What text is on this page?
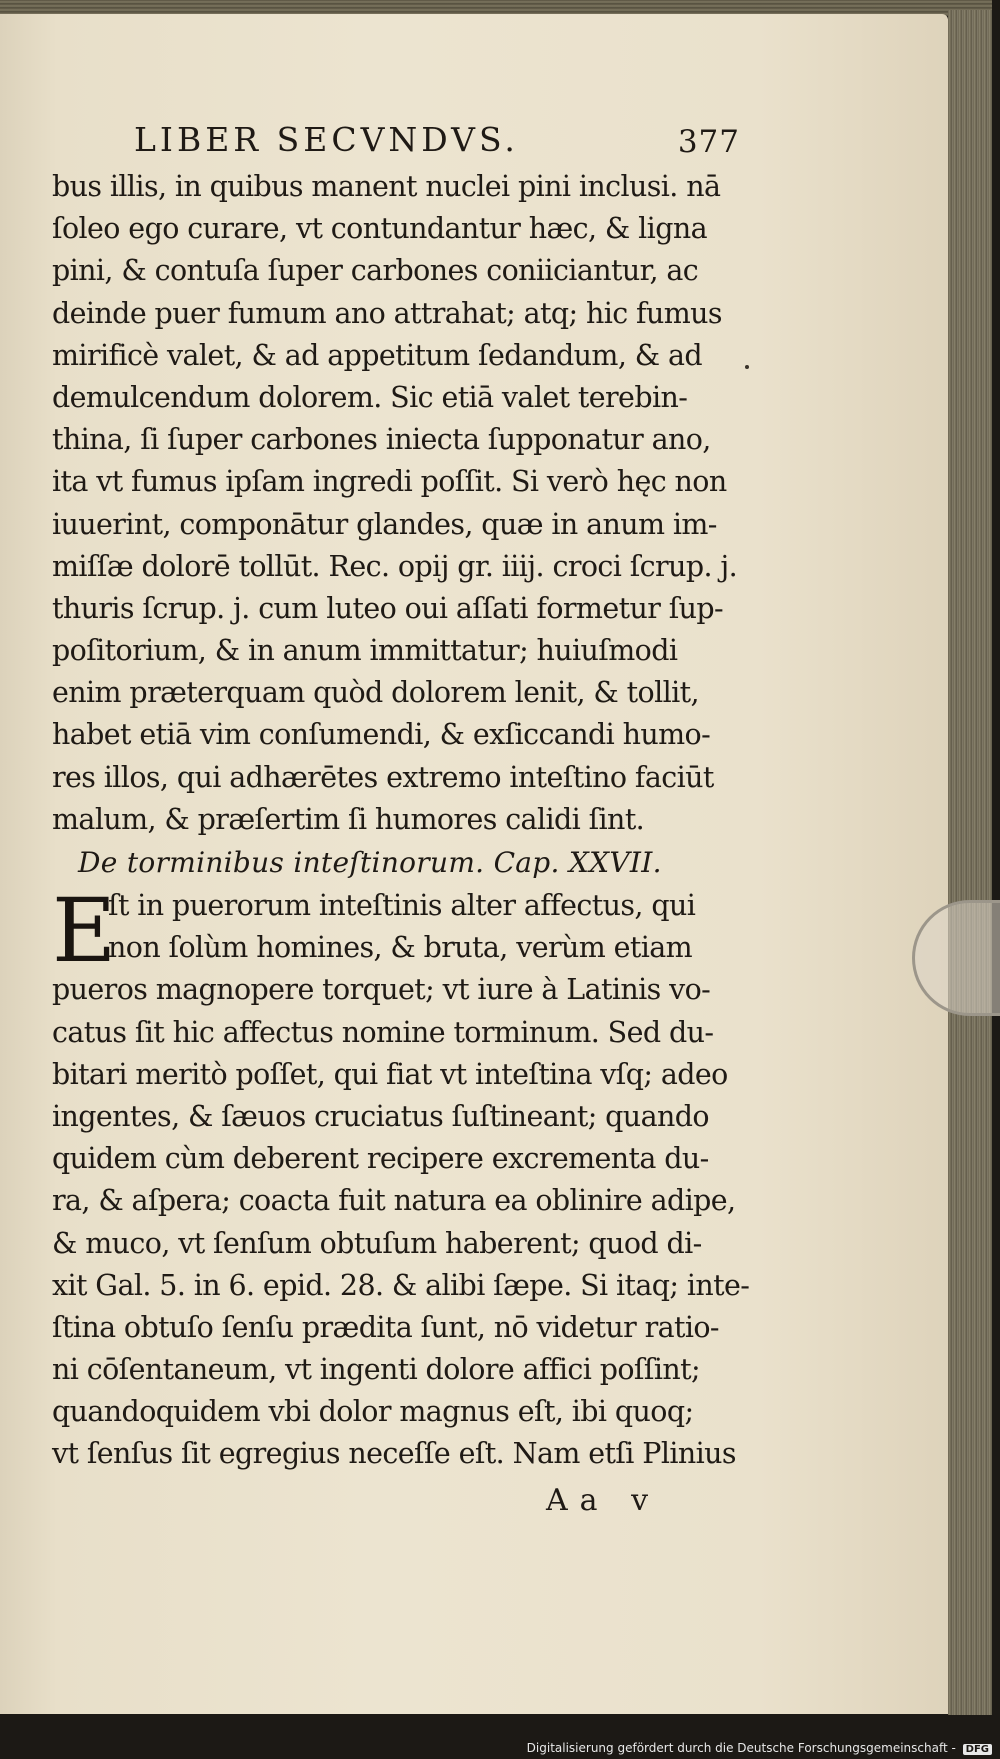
LIBER SECVNDVS.	377
bus illis, in quibus manent nuclei pini inclusi. nā
ſoleo ego curare, vt contundantur hæc, & ligna
pini, & contuſa ſuper carbones coniiciantur, ac
deinde puer fumum ano attrahat; atq; hic fumus
mirificè valet, & ad appetitum ſedandum, & ad
demulcendum dolorem. Sic etiā valet terebin-
thina, ſi ſuper carbones iniecta ſupponatur ano,
ita vt fumus ipſam ingredi poſſit. Si verò hęc non
iuuerint, componātur glandes, quæ in anum im-
miſſæ dolorē tollūt. Rec. opij gr. iiij. croci ſcrup. j.
thuris ſcrup. j. cum luteo oui aſſati formetur ſup-
poſitorium, & in anum immittatur; huiuſmodi
enim præterquam quòd dolorem lenit, & tollit,
habet etiā vim conſumendi, & exſiccandi humo-
res illos, qui adhærētes extremo inteſtino faciūt
malum, & præſertim ſi humores calidi ſint.
De torminibus inteſtinorum. Cap. XXVII.
E
ſt in puerorum inteſtinis alter affectus, qui
non ſolùm homines, & bruta, verùm etiam
pueros magnopere torquet; vt iure à Latinis vo-
catus ſit hic affectus nomine torminum. Sed du-
bitari meritò poſſet, qui fiat vt inteſtina vſq; adeo
ingentes, & ſæuos cruciatus ſuſtineant; quando
quidem cùm deberent recipere excrementa du-
ra, & aſpera; coacta fuit natura ea oblinire adipe,
& muco, vt ſenſum obtuſum haberent; quod di-
xit Gal. 5. in 6. epid. 28. & alibi ſæpe. Si itaq; inte-
ſtina obtuſo ſenſu prædita ſunt, nō videtur ratio-
ni cōſentaneum, vt ingenti dolore affici poſſint;
quandoquidem vbi dolor magnus eſt, ibi quoq;
vt ſenſus ſit egregius neceſſe eſt. Nam etſi Plinius
Aa v
Digitalisierung gefördert durch die Deutsche Forschungsgemeinschaft - DFG
